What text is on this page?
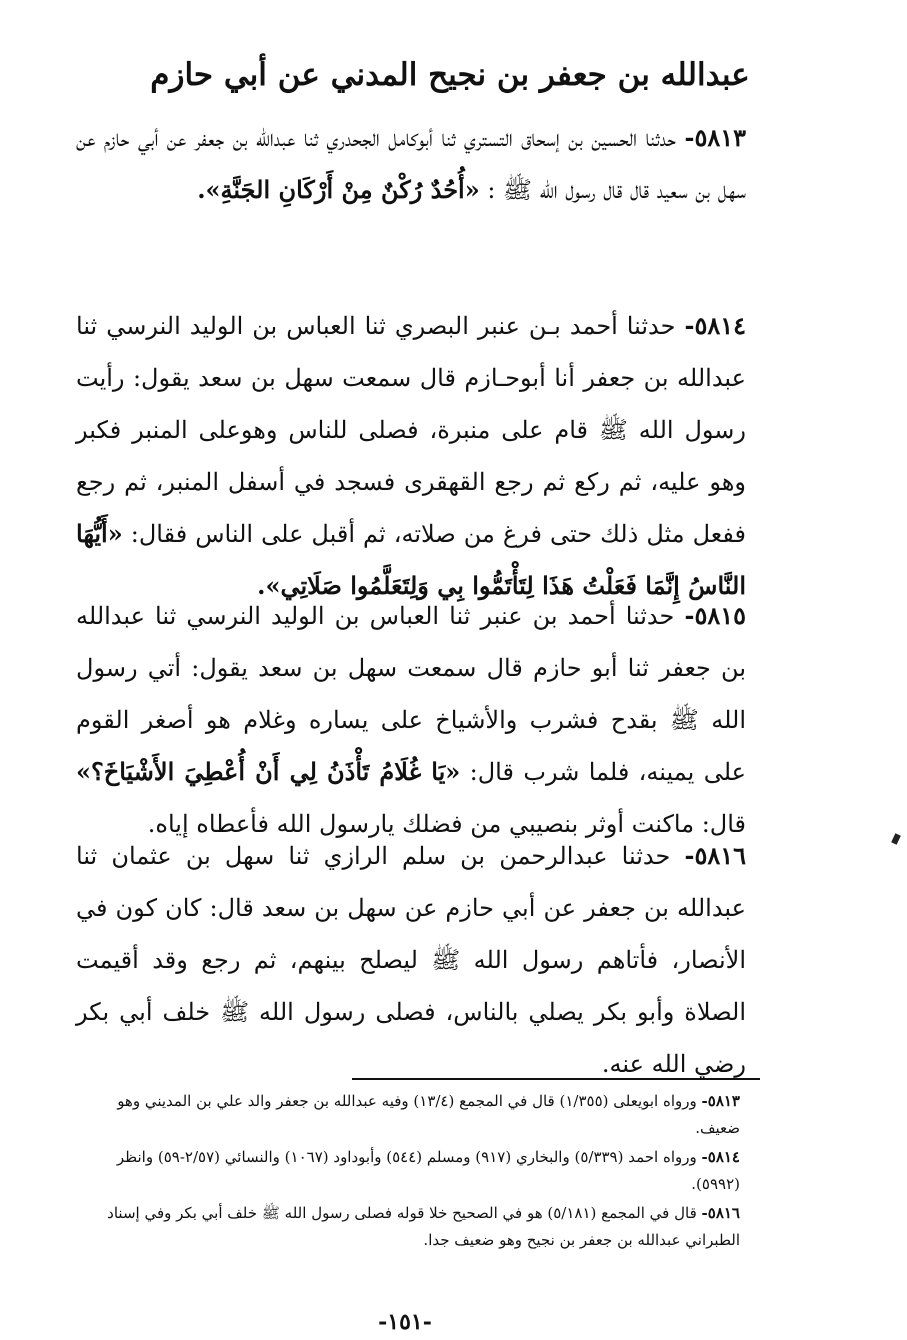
عبدالله بن جعفر بن نجيح المدني عن أبي حازم

٥٨١٣- حدثنا الحسين بن إسحاق التستري ثنا أبوكامل الجحدري ثنا عبدالله بن جعفر عن أبي حازم عن سهل بن سعيد قال قال رسول الله ﷺ : «أُحُدٌ رُكْنٌ مِنْ أَرْكَانِ الجَنَّةِ».

٥٨١٤- حدثنا أحمد بـن عنبر البصري ثنا العباس بن الوليد النرسي ثنا عبدالله بن جعفر أنا أبوحـازم قال سمعت سهل بن سعد يقول: رأيت رسول الله ﷺ قام على منبرة، فصلى للناس وهوعلى المنبر فكبر وهو عليه، ثم ركع ثم رجع القهقرى فسجد في أسفل المنبر، ثم رجع ففعل مثل ذلك حتى فرغ من صلاته، ثم أقبل على الناس فقال: «أَيُّهَا النَّاسُ إِنَّمَا فَعَلْتُ هَذَا لِتَأْتَمُّوا بِي وَلِتَعَلَّمُوا صَلَاتِي».

٥٨١٥- حدثنا أحمد بن عنبر ثنا العباس بن الوليد النرسي ثنا عبدالله بن جعفر ثنا أبو حازم قال سمعت سهل بن سعد يقول: أتي رسول الله ﷺ بقدح فشرب والأشياخ على يساره وغلام هو أصغر القوم على يمينه، فلما شرب قال: «يَا غُلَامُ تَأْذَنُ لِي أَنْ أُعْطِيَ الأَشْيَاخَ؟» قال: ماكنت أوثر بنصيبي من فضلك يارسول الله فأعطاه إياه.

٥٨١٦- حدثنا عبدالرحمن بن سلم الرازي ثنا سهل بن عثمان ثنا عبدالله بن جعفر عن أبي حازم عن سهل بن سعد قال: كان كون في الأنصار، فأتاهم رسول الله ﷺ ليصلح بينهم، ثم رجع وقد أقيمت الصلاة وأبو بكر يصلي بالناس، فصلى رسول الله ﷺ خلف أبي بكر رضي الله عنه.

٥٨١٣- ورواه ابويعلى (١/٣٥٥) قال في المجمع (١٣/٤) وفيه عبدالله بن جعفر والد علي بن المديني وهو ضعيف.

٥٨١٤- ورواه احمد (٥/٣٣٩) والبخاري (٩١٧) ومسلم (٥٤٤) وأبوداود (١٠٦٧) والنسائي (٢/٥٧-٥٩) وانظر (٥٩٩٢).

٥٨١٦- قال في المجمع (٥/١٨١) هو في الصحيح خلا قوله فصلى رسول الله ﷺ خلف أبي بكر وفي إسناد الطبراني عبدالله بن جعفر بن نجيح وهو ضعيف جدا.

-١٥١-
